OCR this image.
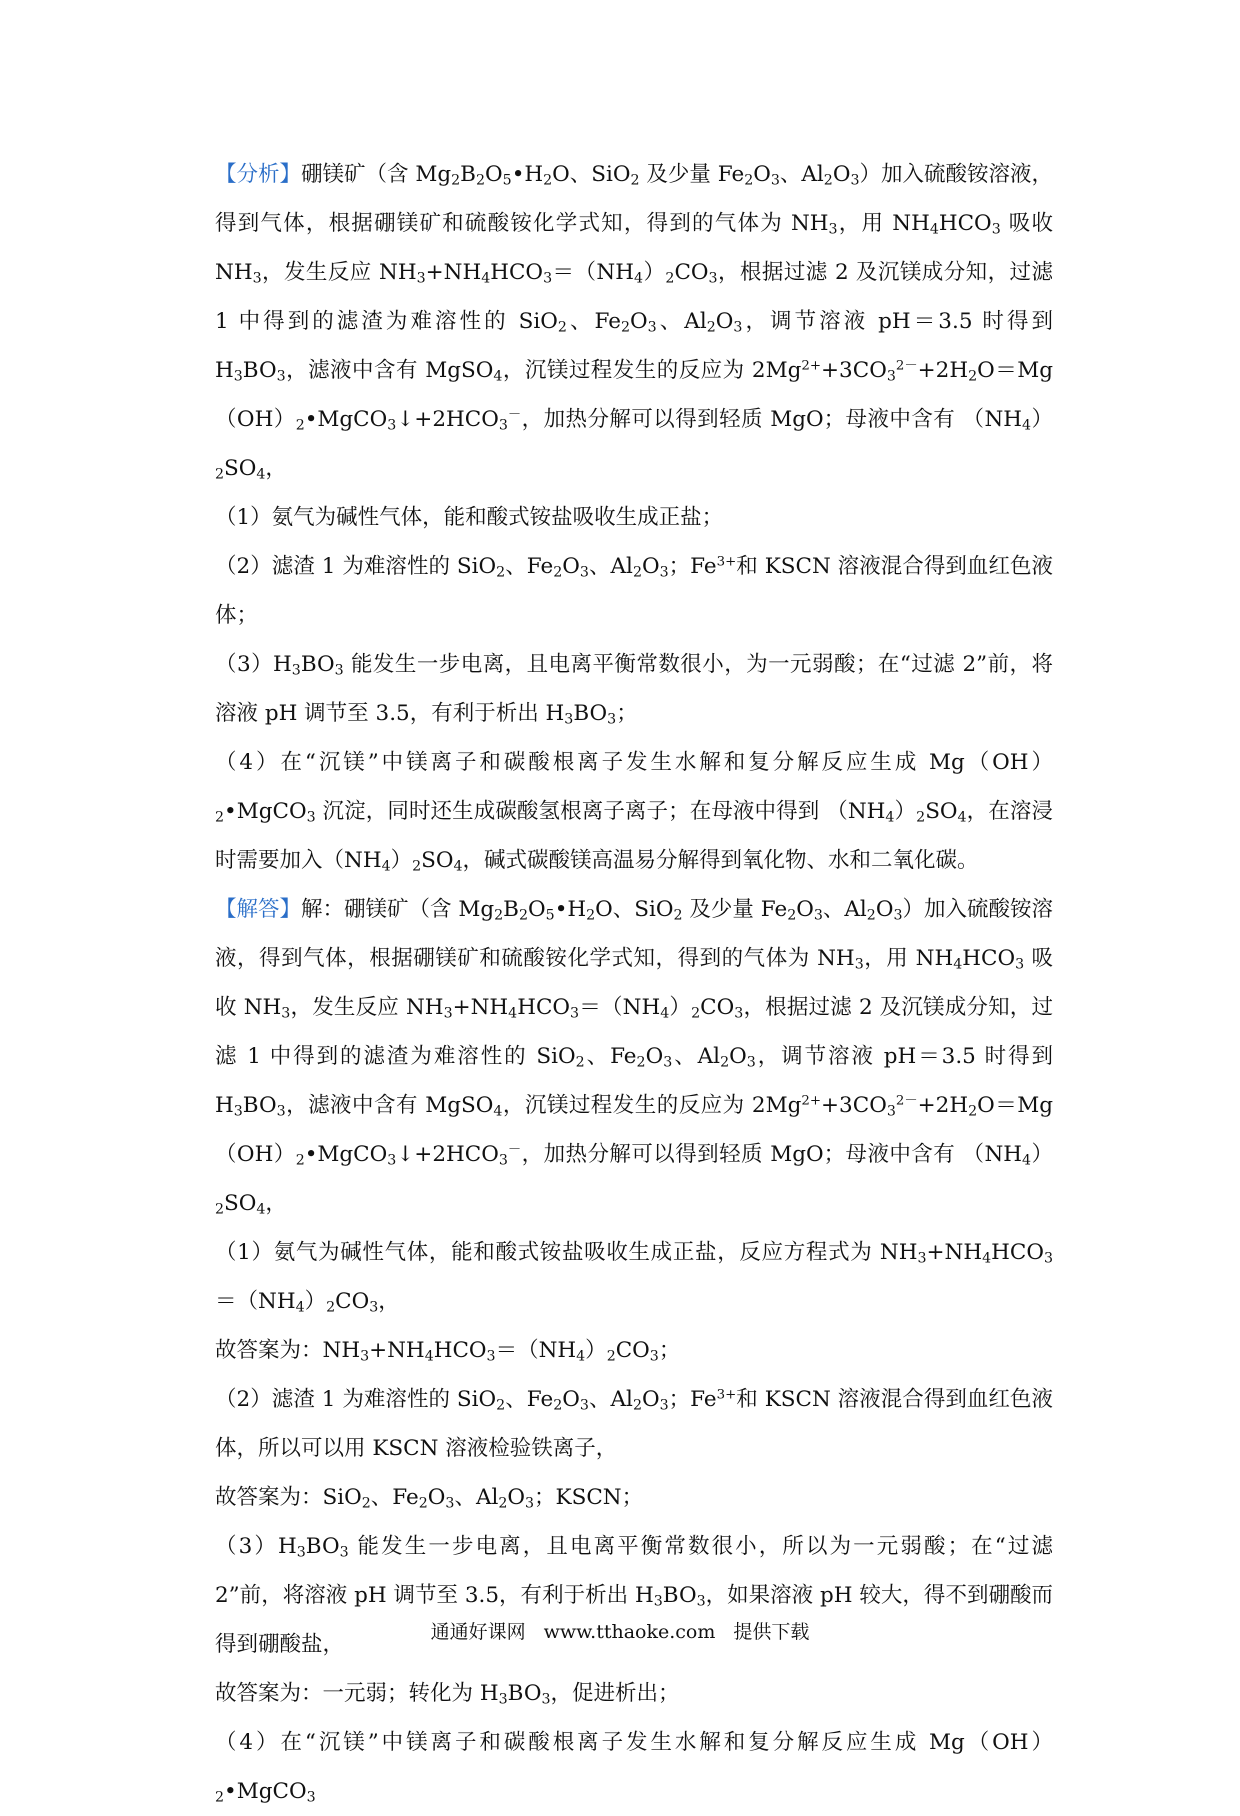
【分析】硼镁矿（含 $Mg_2B_2O_5•H_2O$、SiO$_2$ 及少量 $Fe_2O_3$、$Al_2O_3$）加入硫酸铵溶液，得到气体，根据硼镁矿和硫酸铵化学式知，得到的气体为 $NH_3$，用 $NH_4HCO_3$ 吸收 $NH_3$，发生反应 $NH_3+NH_4HCO_3=(NH_4)_2CO_3$，根据过滤 2 及沉镁成分知，过滤 1 中得到的滤渣为难溶性的 SiO$_2$、$Fe_2O_3$、$Al_2O_3$，调节溶液 pH＝3.5 时得到 $H_3BO_3$，滤液中含有 MgSO$_4$，沉镁过程发生的反应为 $2Mg^{2+}+3CO_3^{2-}+2H_2O=Mg(OH)_2•MgCO_3↓+2HCO_3^-$，加热分解可以得到轻质 MgO；母液中含有 $(NH_4)_2SO_4$，

（1）氨气为碱性气体，能和酸式铵盐吸收生成正盐；

（2）滤渣 1 为难溶性的 SiO$_2$、$Fe_2O_3$、$Al_2O_3$；$Fe^{3+}$和 KSCN 溶液混合得到血红色液体；

$(3)H_3BO_3$ 能发生一步电离，且电离平衡常数很小，为一元弱酸；在“过滤 2”前，将溶液 pH 调节至 3.5，有利于析出 $H_3BO_3$；

（4）在“沉镁”中镁离子和碳酸根离子发生水解和复分解反应生成 $Mg(OH)_2•MgCO_3$ 沉淀，同时还生成碳酸氢根离子离子；在母液中得到 $(NH_4)_2SO_4$，在溶浸时需要加入$(NH_4)_2SO_4$，碱式碳酸镁高温易分解得到氧化物、水和二氧化碳。

【解答】解：硼镁矿（含 $Mg_2B_2O_5•H_2O$、SiO$_2$ 及少量 $Fe_2O_3$、$Al_2O_3$）加入硫酸铵溶液，得到气体，根据硼镁矿和硫酸铵化学式知，得到的气体为 $NH_3$，用 $NH_4HCO_3$ 吸收 $NH_3$，发生反应 $NH_3+NH_4HCO_3=(NH_4)_2CO_3$，根据过滤 2 及沉镁成分知，过滤 1 中得到的滤渣为难溶性的 SiO$_2$、$Fe_2O_3$、$Al_2O_3$，调节溶液 pH＝3.5 时得到 $H_3BO_3$，滤液中含有 MgSO$_4$，沉镁过程发生的反应为 $2Mg^{2+}+3CO_3^{2-}+2H_2O=Mg(OH)_2•MgCO_3↓+2HCO_3^-$，加热分解可以得到轻质 MgO；母液中含有 $(NH_4)_2SO_4$，

（1）氨气为碱性气体，能和酸式铵盐吸收生成正盐，反应方程式为 $NH_3+NH_4HCO_3=(NH_4)_2CO_3$，

故答案为：$NH_3+NH_4HCO_3=(NH_4)_2CO_3$；

（2）滤渣 1 为难溶性的 SiO$_2$、$Fe_2O_3$、$Al_2O_3$；$Fe^{3+}$和 KSCN 溶液混合得到血红色液体，所以可以用 KSCN 溶液检验铁离子，

故答案为：SiO$_2$、$Fe_2O_3$、$Al_2O_3$；KSCN；

$(3)H_3BO_3$ 能发生一步电离，且电离平衡常数很小，所以为一元弱酸；在“过滤 2”前，将溶液 pH 调节至 3.5，有利于析出 $H_3BO_3$，如果溶液 pH 较大，得不到硼酸而得到硼酸盐，

故答案为：一元弱；转化为 $H_3BO_3$，促进析出；

（4）在“沉镁”中镁离子和碳酸根离子发生水解和复分解反应生成 $Mg(OH)_2•MgCO_3$

通通好课网 www.tthaoke.com 提供下载
